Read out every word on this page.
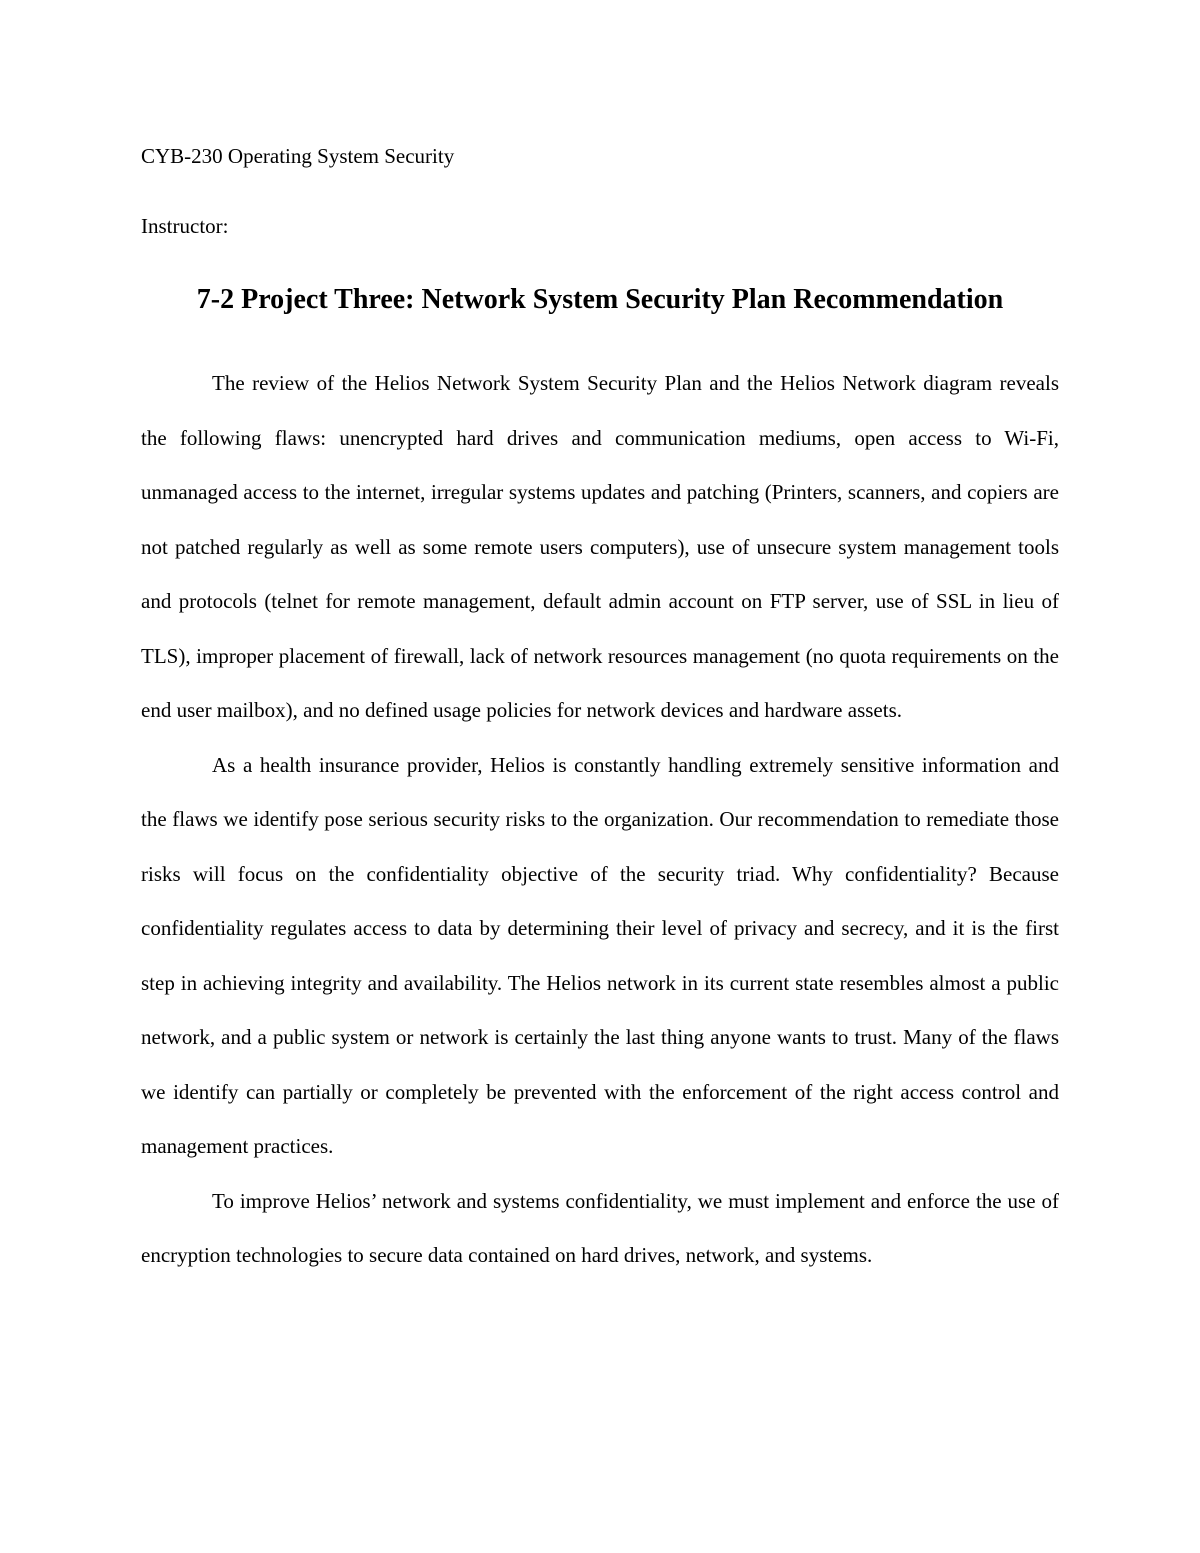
CYB-230 Operating System Security
Instructor:
7-2 Project Three: Network System Security Plan Recommendation

The review of the Helios Network System Security Plan and the Helios Network diagram reveals the following flaws: unencrypted hard drives and communication mediums, open access to Wi-Fi, unmanaged access to the internet, irregular systems updates and patching (Printers, scanners, and copiers are not patched regularly as well as some remote users computers), use of unsecure system management tools and protocols (telnet for remote management, default admin account on FTP server, use of SSL in lieu of TLS), improper placement of firewall, lack of network resources management (no quota requirements on the end user mailbox), and no defined usage policies for network devices and hardware assets.

As a health insurance provider, Helios is constantly handling extremely sensitive information and the flaws we identify pose serious security risks to the organization. Our recommendation to remediate those risks will focus on the confidentiality objective of the security triad. Why confidentiality? Because confidentiality regulates access to data by determining their level of privacy and secrecy, and it is the first step in achieving integrity and availability. The Helios network in its current state resembles almost a public network, and a public system or network is certainly the last thing anyone wants to trust. Many of the flaws we identify can partially or completely be prevented with the enforcement of the right access control and management practices.

To improve Helios’ network and systems confidentiality, we must implement and enforce the use of encryption technologies to secure data contained on hard drives, network, and systems.
